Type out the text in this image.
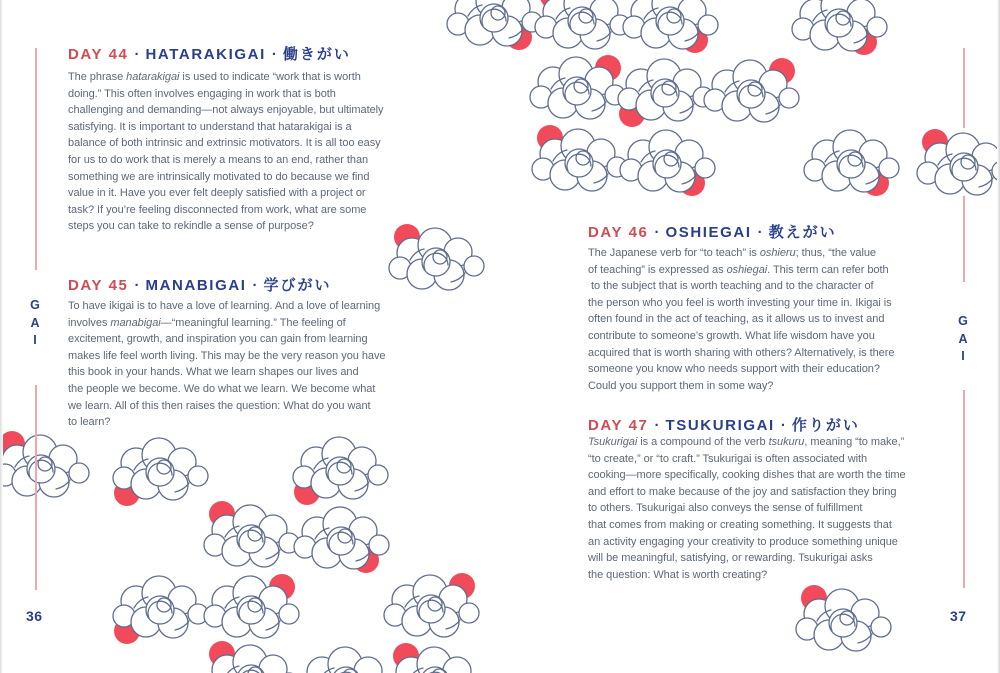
DAY 44 · HATARAKIGAI · 働きがい
The phrase hatarakigai is used to indicate “work that is worth
doing.” This often involves engaging in work that is both
challenging and demanding—not always enjoyable, but ultimately
satisfying. It is important to understand that hatarakigai is a
balance of both intrinsic and extrinsic motivators. It is all too easy
for us to do work that is merely a means to an end, rather than
something we are intrinsically motivated to do because we find
value in it. Have you ever felt deeply satisfied with a project or
task? If you’re feeling disconnected from work, what are some
steps you can take to rekindle a sense of purpose?
DAY 45 · MANABIGAI · 学びがい
To have ikigai is to have a love of learning. And a love of learning
involves manabigai—“meaningful learning.” The feeling of
excitement, growth, and inspiration you can gain from learning
makes life feel worth living. This may be the very reason you have
this book in your hands. What we learn shapes our lives and
the people we become. We do what we learn. We become what
we learn. All of this then raises the question: What do you want
to learn?
G
A
I
36
DAY 46 · OSHIEGAI · 教えがい
The Japanese verb for “to teach” is oshieru; thus, “the value
of teaching” is expressed as oshiegai. This term can refer both
to the subject that is worth teaching and to the character of
the person who you feel is worth investing your time in. Ikigai is
often found in the act of teaching, as it allows us to invest and
contribute to someone’s growth. What life wisdom have you
acquired that is worth sharing with others? Alternatively, is there
someone you know who needs support with their education?
Could you support them in some way?
DAY 47 · TSUKURIGAI · 作りがい
Tsukurigai is a compound of the verb tsukuru, meaning “to make,”
“to create,” or “to craft.” Tsukurigai is often associated with
cooking—more specifically, cooking dishes that are worth the time
and effort to make because of the joy and satisfaction they bring
to others. Tsukurigai also conveys the sense of fulfillment
that comes from making or creating something. It suggests that
an activity engaging your creativity to produce something unique
will be meaningful, satisfying, or rewarding. Tsukurigai asks
the question: What is worth creating?
G
A
I
37
